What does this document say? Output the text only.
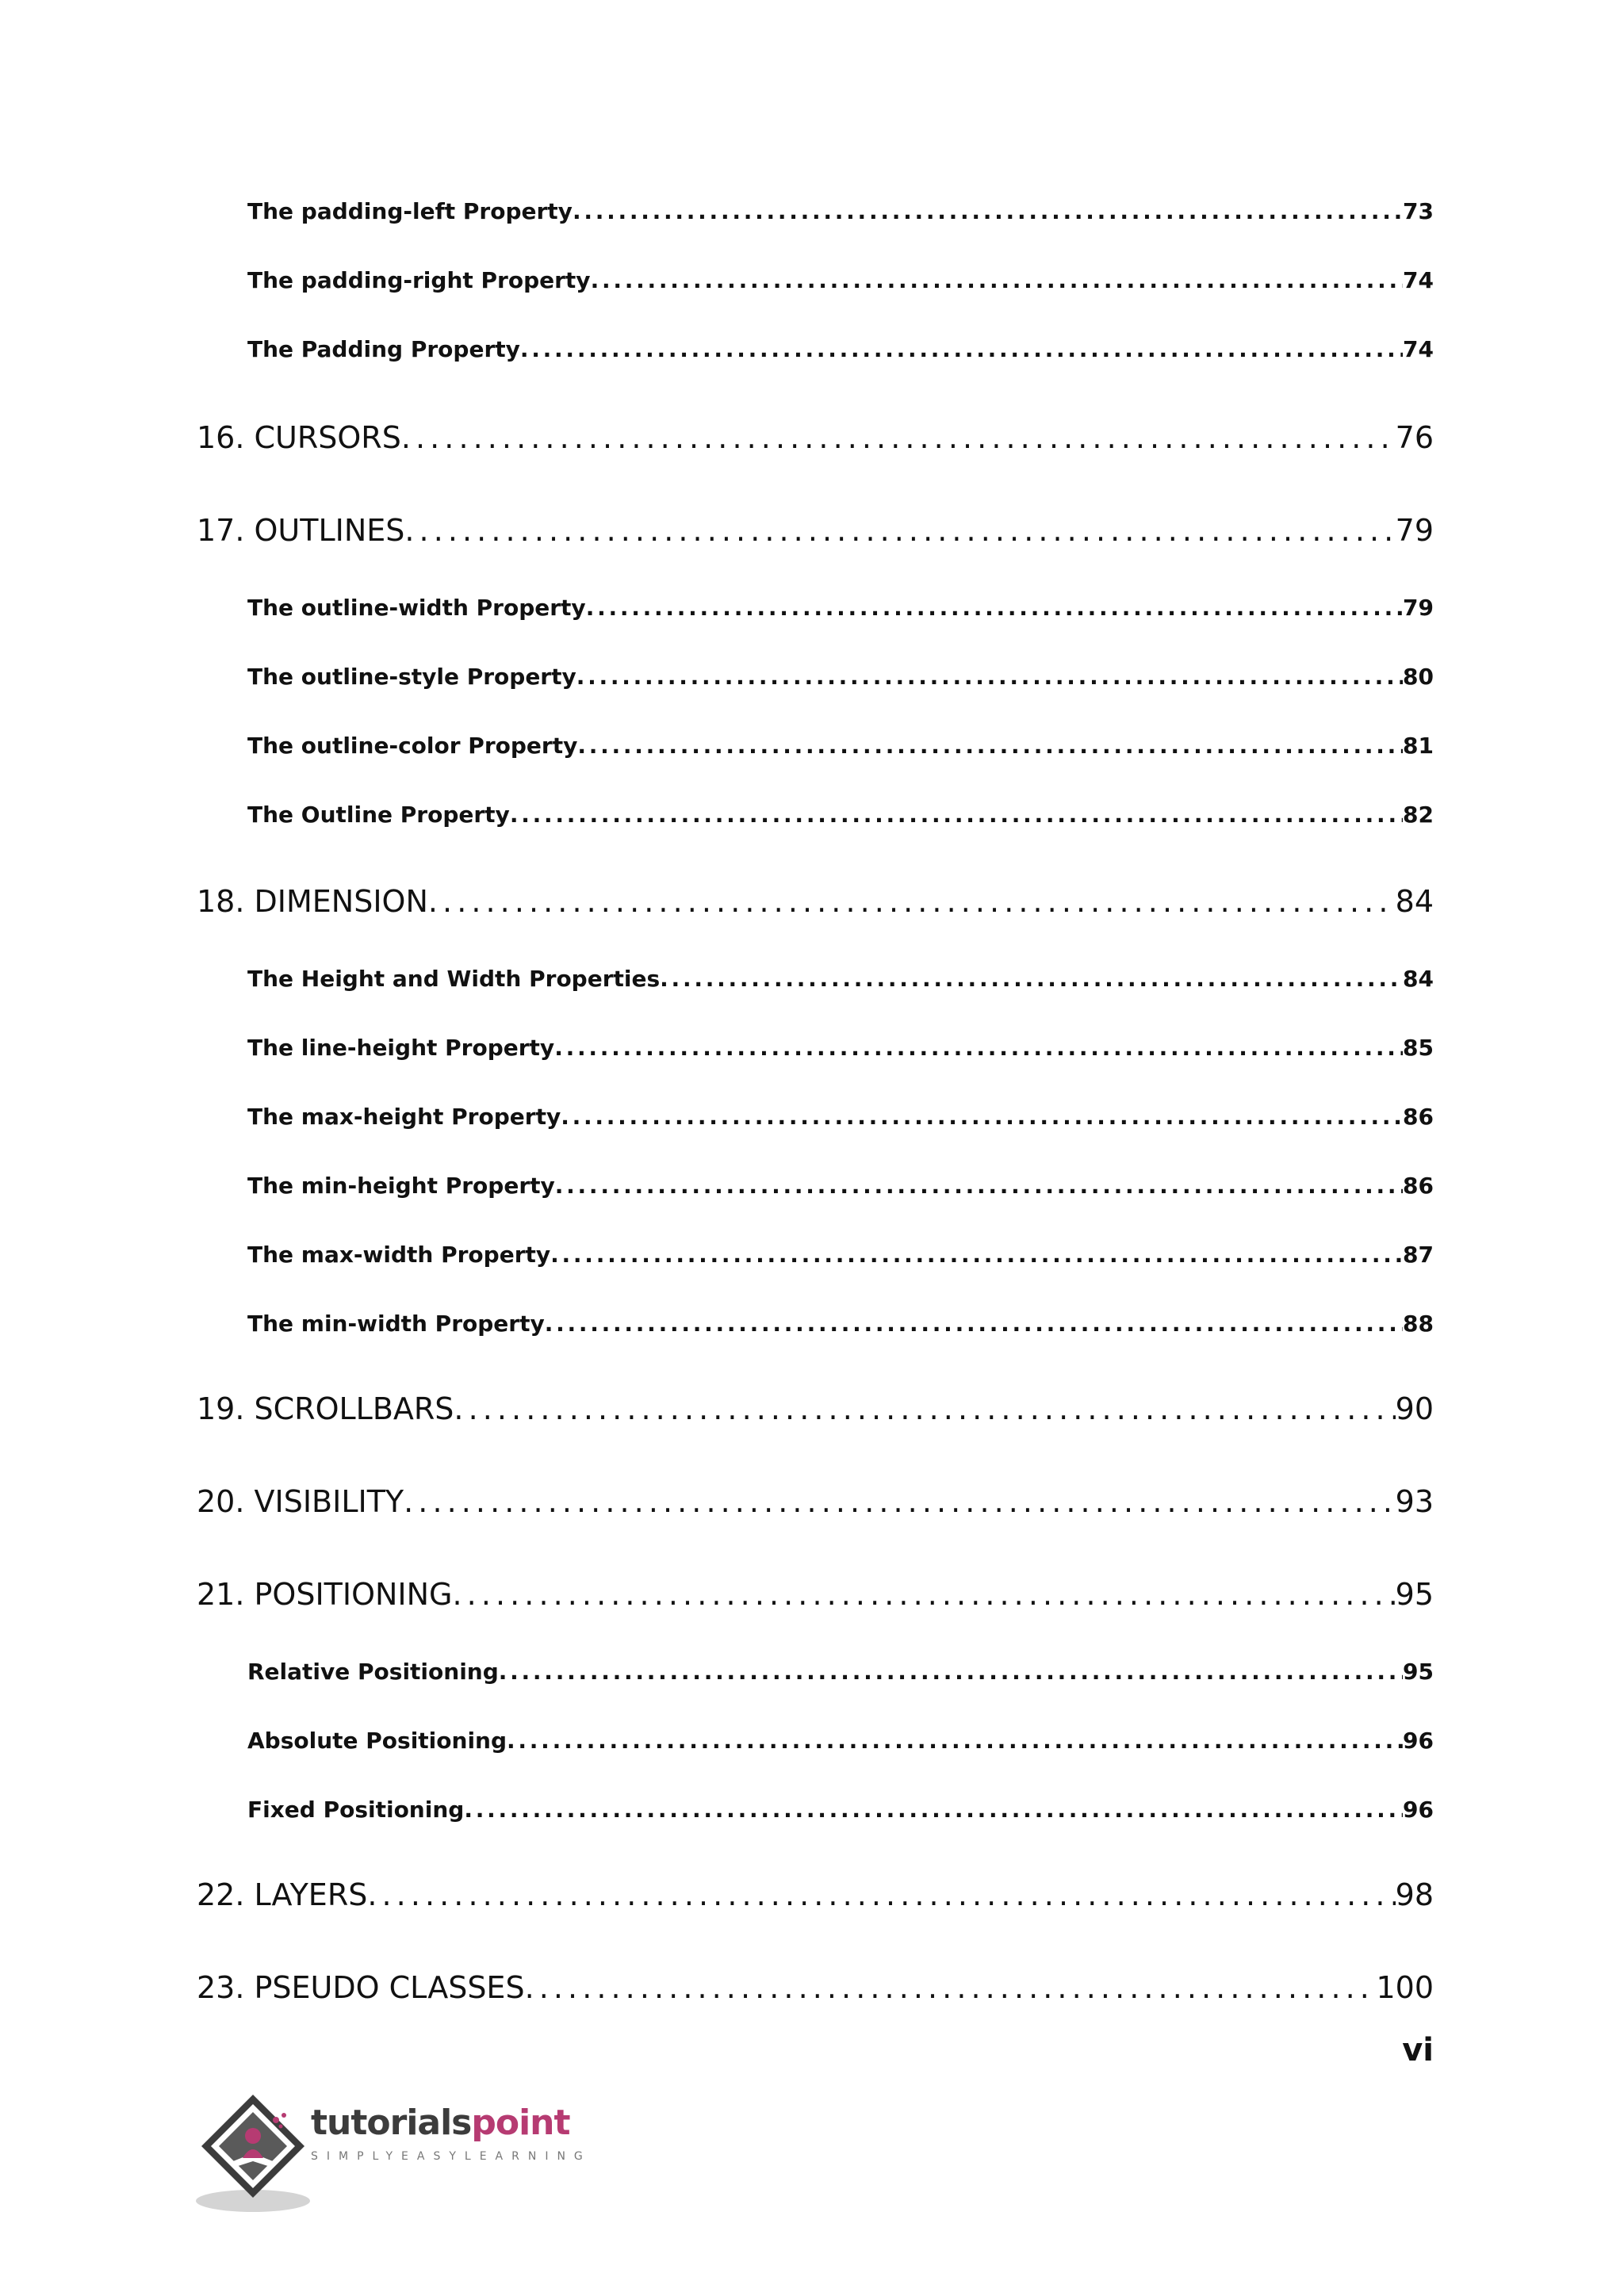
The padding-left Property . . .	73
The padding-right Property . . .	74
The Padding Property . . .	74
16. CURSORS . . .	76
17. OUTLINES . . .	79
The outline-width Property . . .	79
The outline-style Property . . .	80
The outline-color Property . . .	81
The Outline Property . . .	82
18. DIMENSION . . .	84
The Height and Width Properties . . .	84
The line-height Property . . .	85
The max-height Property . . .	86
The min-height Property . . .	86
The max-width Property . . .	87
The min-width Property . . .	88
19. SCROLLBARS . . .	90
20. VISIBILITY . . .	93
21. POSITIONING . . .	95
Relative Positioning . . .	95
Absolute Positioning . . .	96
Fixed Positioning . . .	96
22. LAYERS . . .	98
23. PSEUDO CLASSES . . .	100
vi
tutorialspoint
SIMPLYEASYLEARNING
